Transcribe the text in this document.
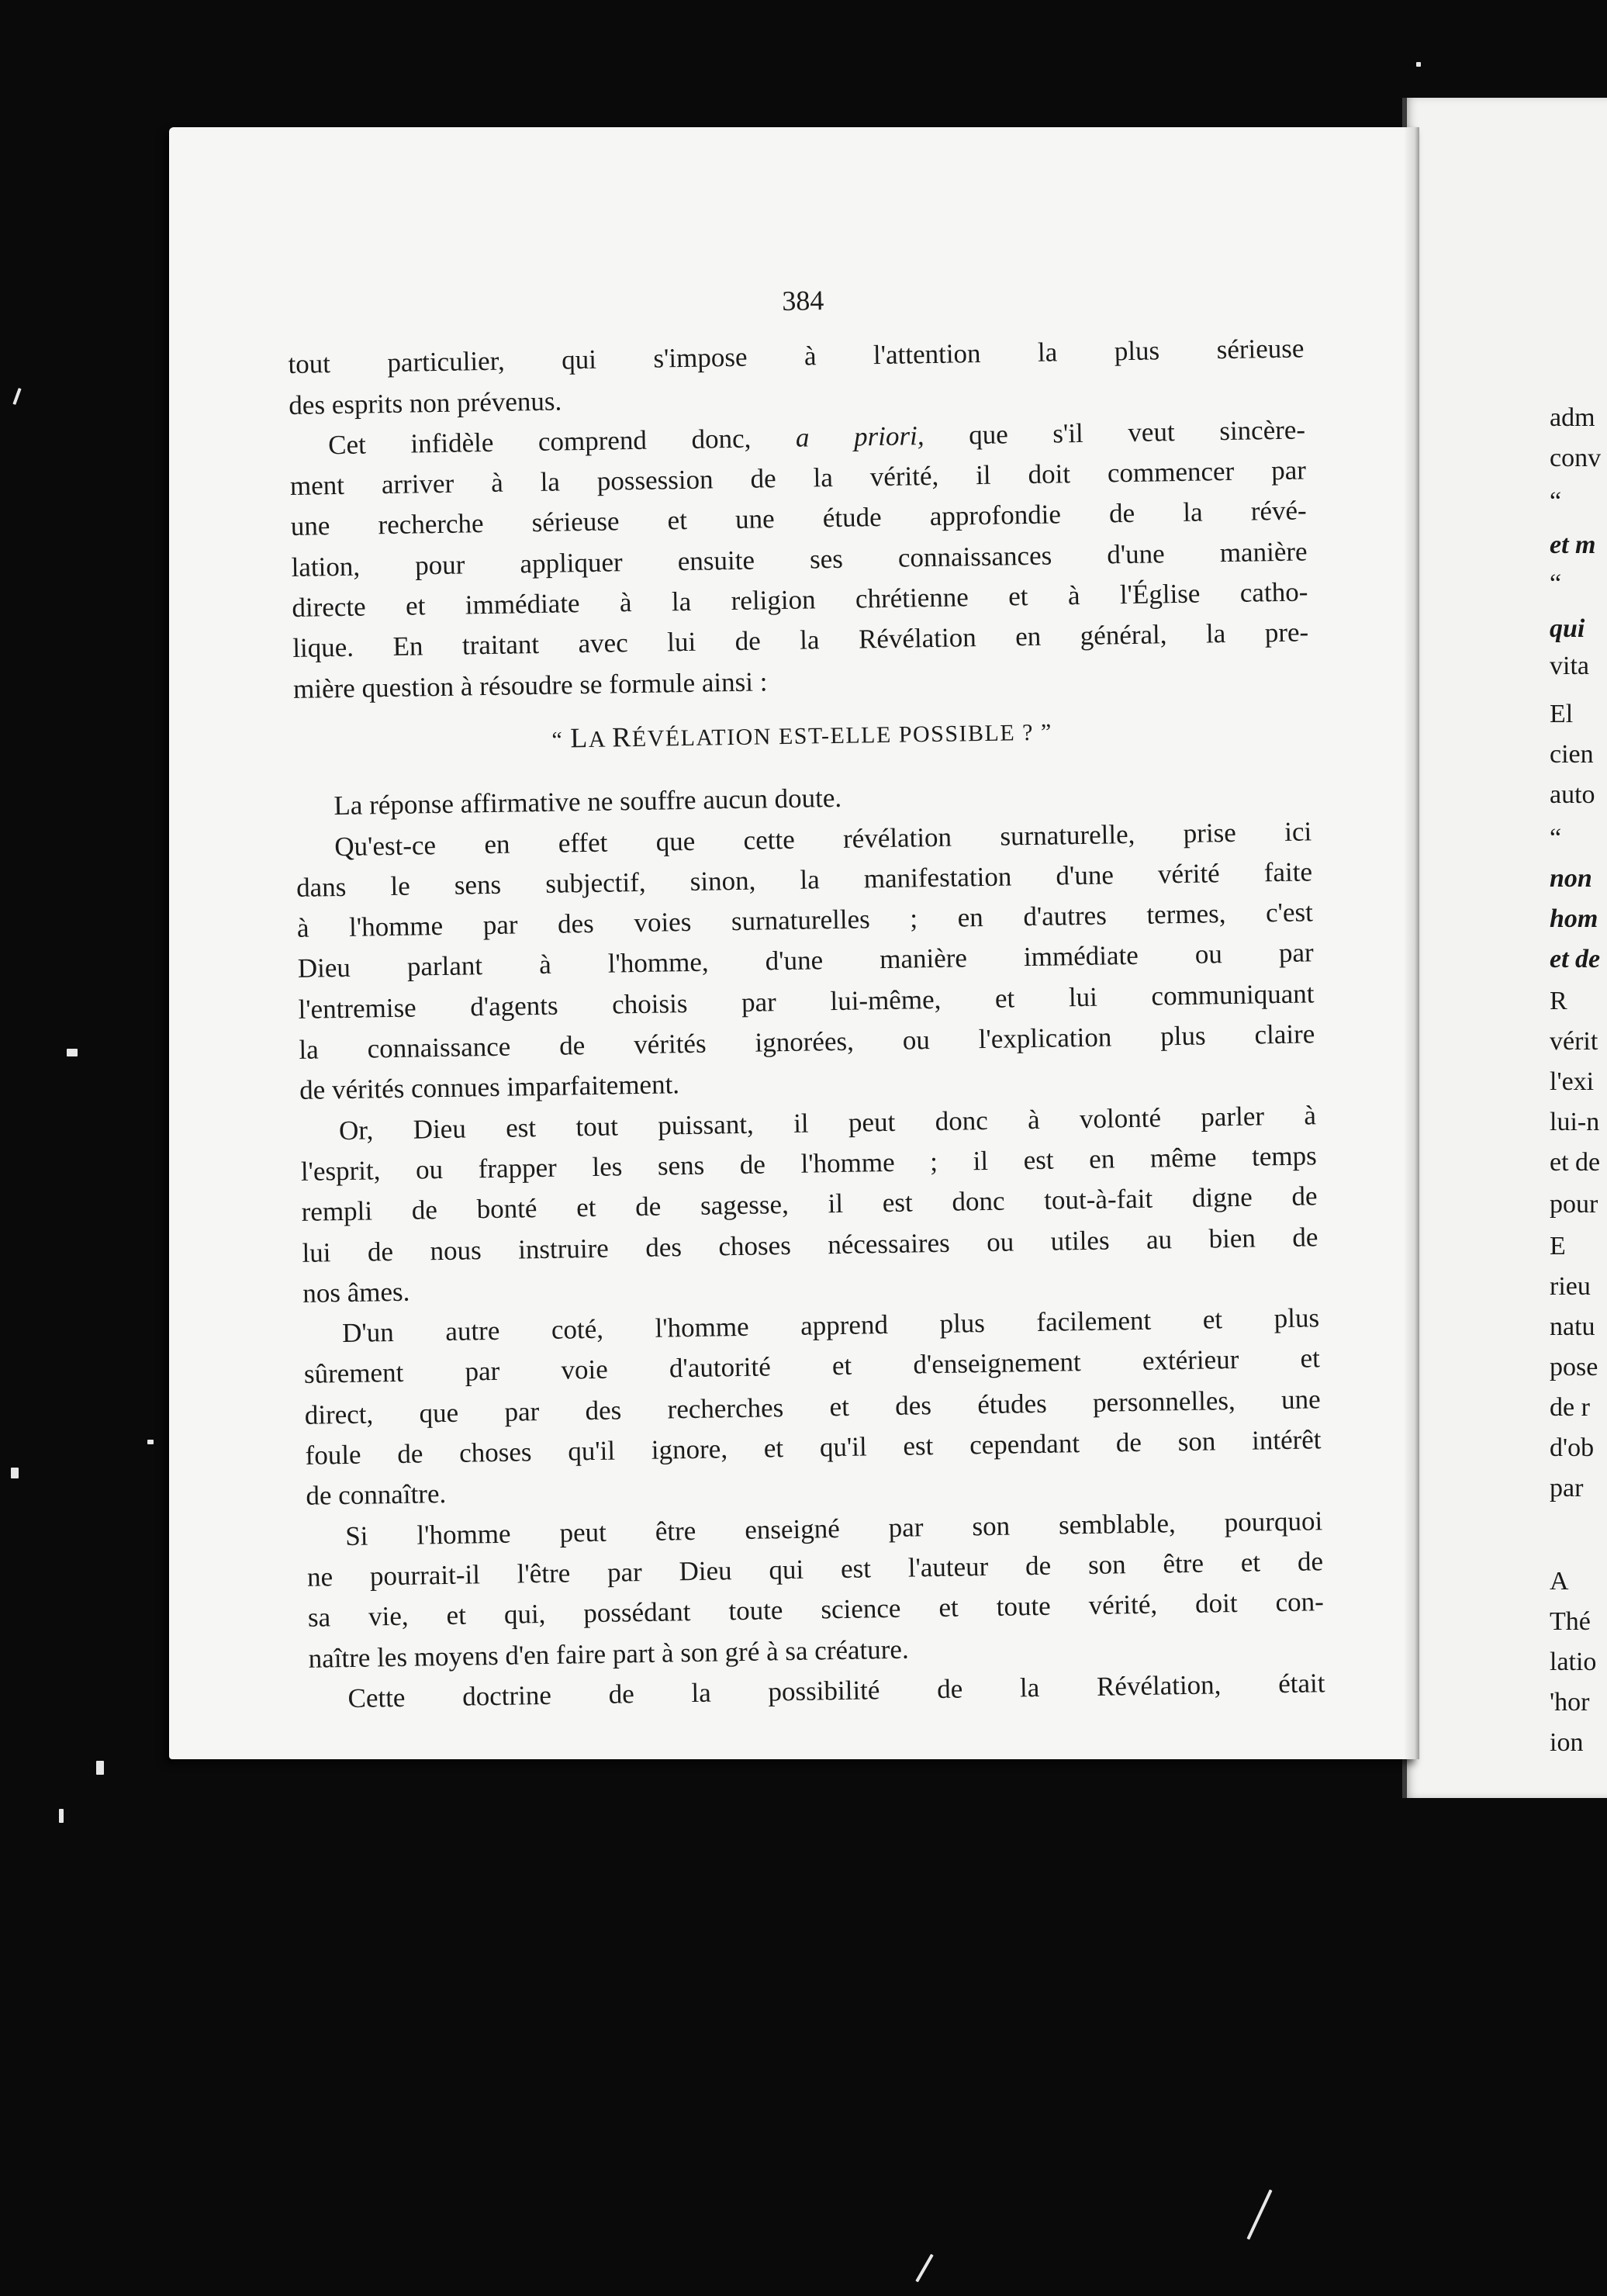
adm
conv
“
et m
“
qui
vita
El
cien
auto
“
non
hom
et de
R
vérit
l'exi
lui-n
et de
pour
E
rieu
natu
pose
de r
d'ob
par
A
Thé
latio
'hor
ion
384

tout particulier, qui s'impose à l'attention la plus sérieuse

des esprits non prévenus.

Cet infidèle comprend donc, a priori, que s'il veut sincère-

ment arriver à la possession de la vérité, il doit commencer par

une recherche sérieuse et une étude approfondie de la révé-

lation, pour appliquer ensuite ses connaissances d'une manière

directe et immédiate à la religion chrétienne et à l'Église catho-

lique. En traitant avec lui de la Révélation en général, la pre-

mière question à résoudre se formule ainsi :

“ LA RÉVÉLATION EST-ELLE POSSIBLE ? ”

La réponse affirmative ne souffre aucun doute.

Qu'est-ce en effet que cette révélation surnaturelle, prise ici

dans le sens subjectif, sinon, la manifestation d'une vérité faite

à l'homme par des voies surnaturelles ; en d'autres termes, c'est

Dieu parlant à l'homme, d'une manière immédiate ou par

l'entremise d'agents choisis par lui-même, et lui communiquant

la connaissance de vérités ignorées, ou l'explication plus claire

de vérités connues imparfaitement.

Or, Dieu est tout puissant, il peut donc à volonté parler à

l'esprit, ou frapper les sens de l'homme ; il est en même temps

rempli de bonté et de sagesse, il est donc tout-à-fait digne de

lui de nous instruire des choses nécessaires ou utiles au bien de

nos âmes.

D'un autre coté, l'homme apprend plus facilement et plus

sûrement par voie d'autorité et d'enseignement extérieur et

direct, que par des recherches et des études personnelles, une

foule de choses qu'il ignore, et qu'il est cependant de son intérêt

de connaître.

Si l'homme peut être enseigné par son semblable, pourquoi

ne pourrait-il l'être par Dieu qui est l'auteur de son être et de

sa vie, et qui, possédant toute science et toute vérité, doit con-

naître les moyens d'en faire part à son gré à sa créature.

Cette doctrine de la possibilité de la Révélation, était
